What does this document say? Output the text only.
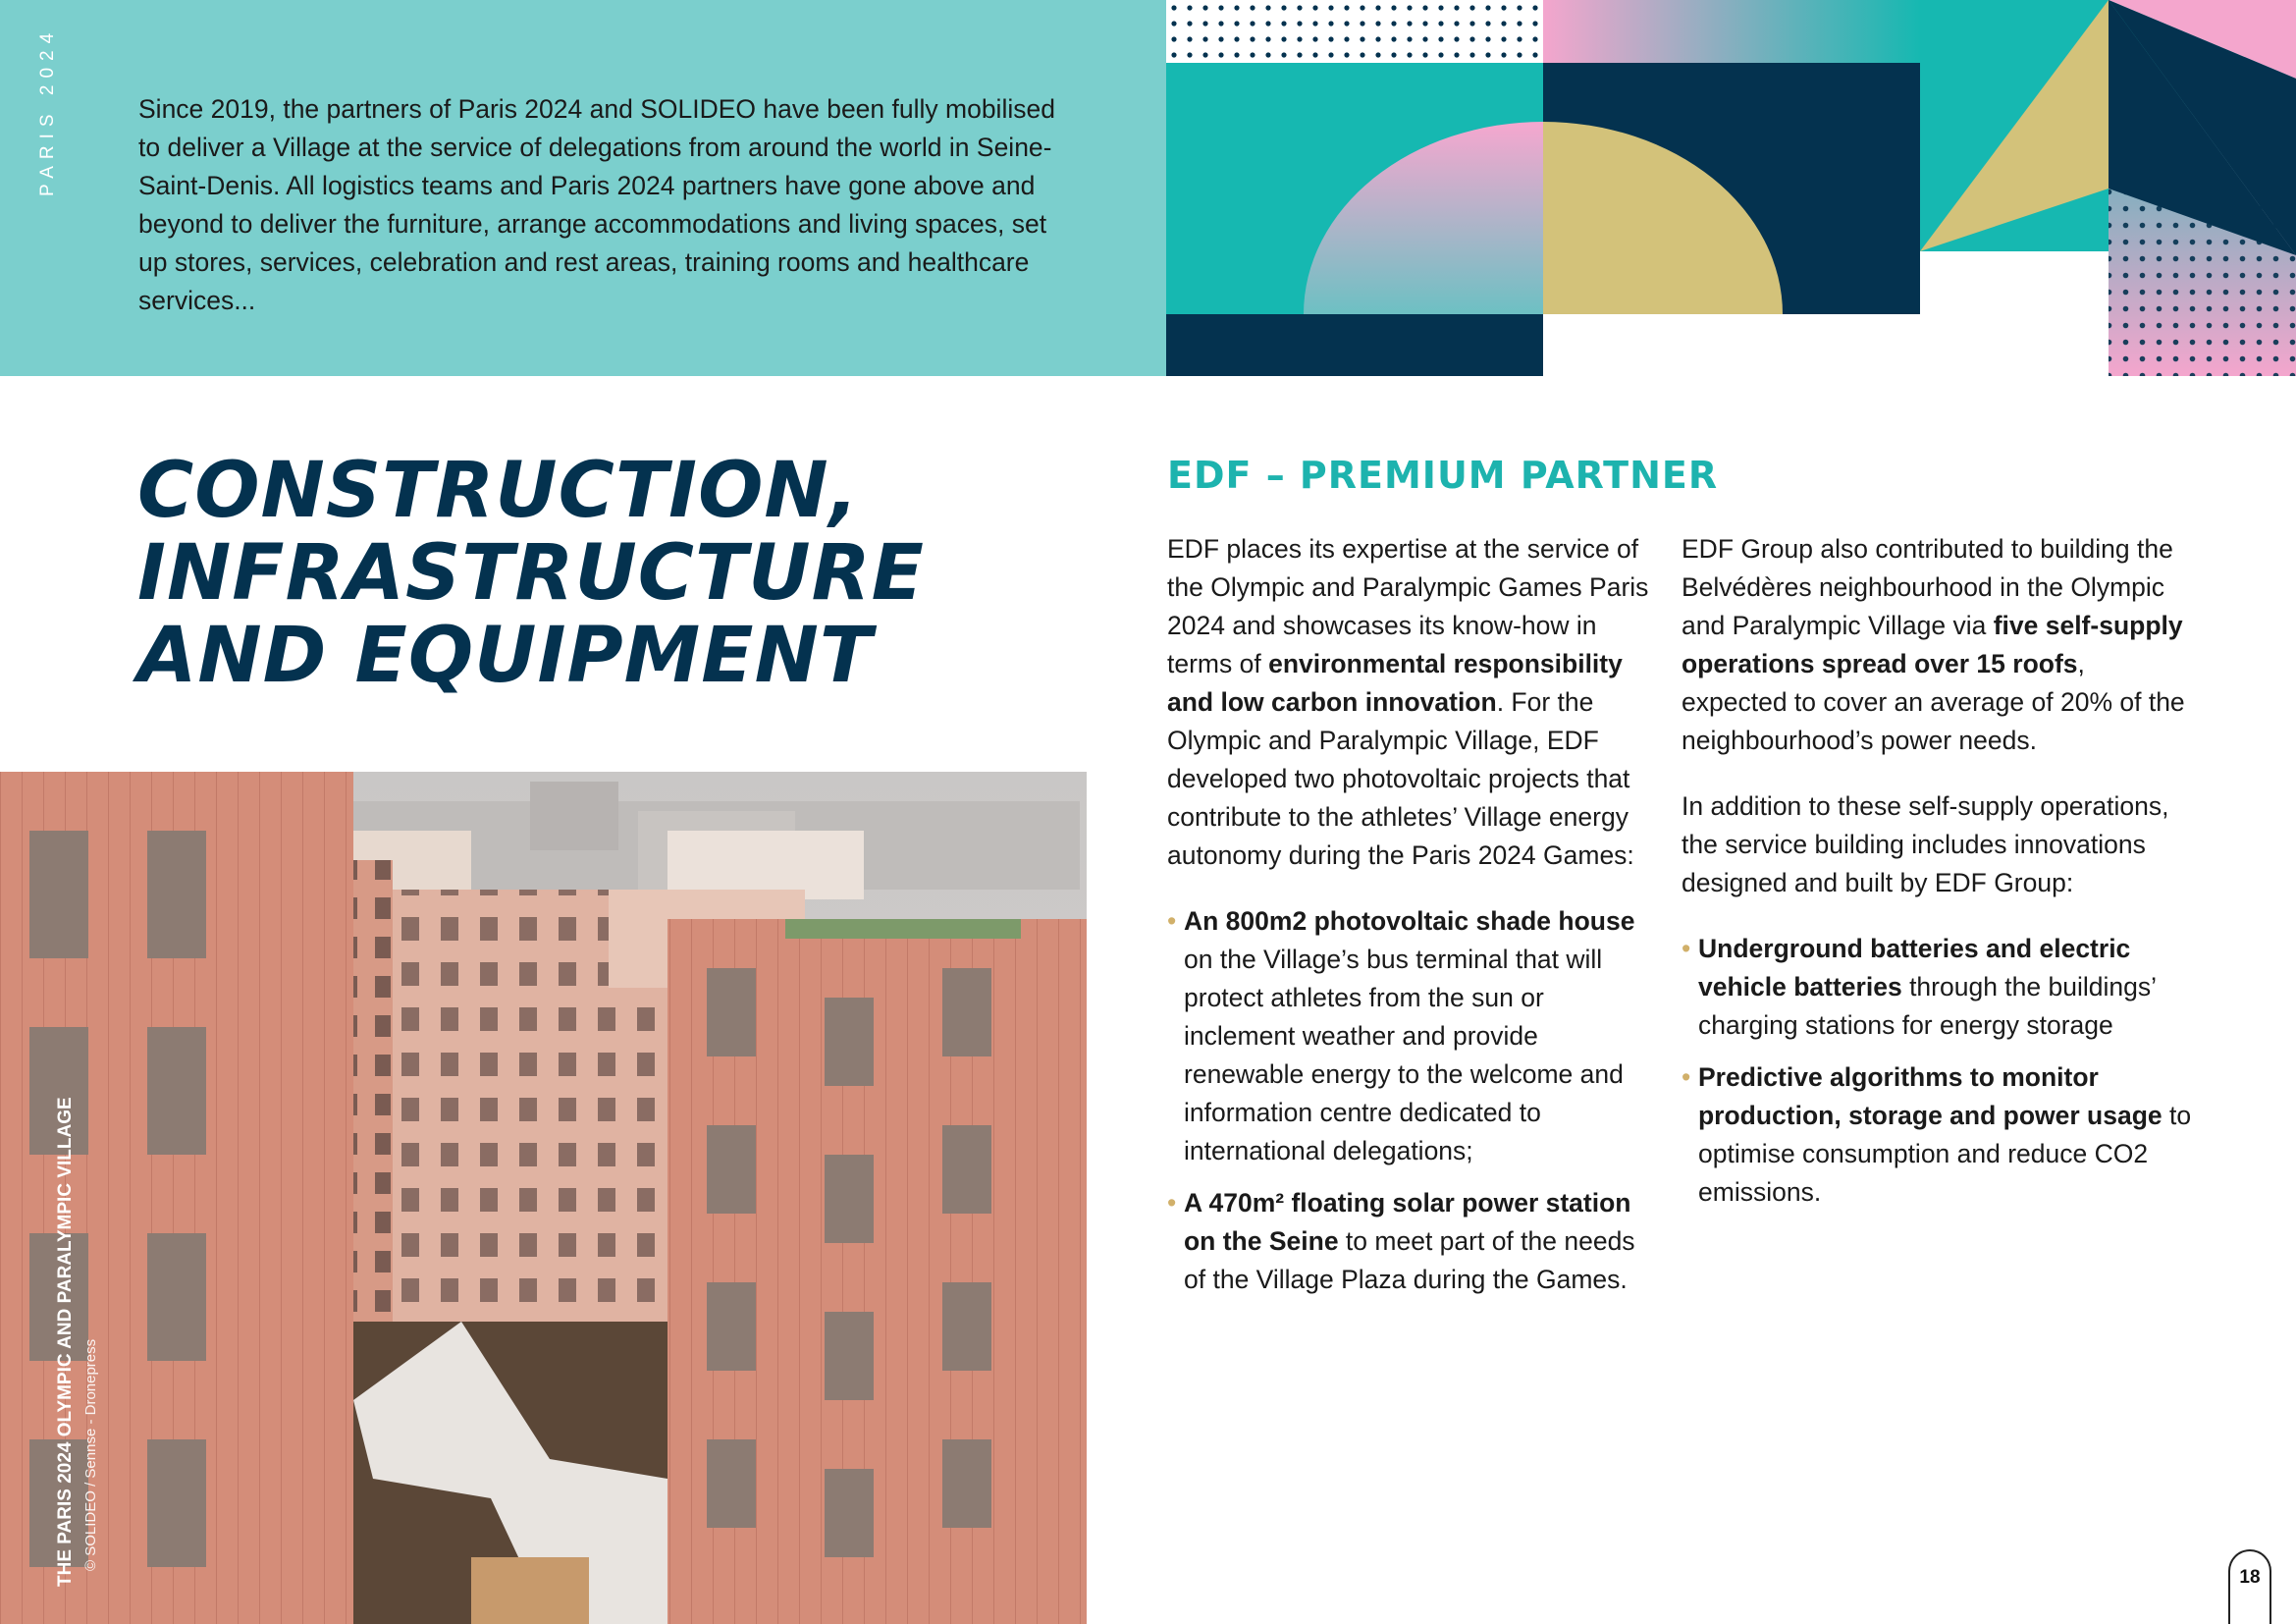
PARIS 2024	Since 2019, the partners of Paris 2024 and SOLIDEO have been fully mobilised to deliver a Village at the service of delegations from around the world in Seine-Saint-Denis. All logistics teams and Paris 2024 partners have gone above and beyond to deliver the furniture, arrange accommodations and living spaces, set up stores, services, celebration and rest areas, training rooms and healthcare services...
CONSTRUCTION,
INFRASTRUCTURE
AND EQUIPMENT
THE PARIS 2024 OLYMPIC AND PARALYMPIC VILLAGE © SOLIDEO / Sennse - Dronepress
EDF – PREMIUM PARTNER

EDF places its expertise at the service of the Olympic and Paralympic Games Paris 2024 and showcases its know-how in terms of environmental responsibility and low carbon innovation. For the Olympic and Paralympic Village, EDF developed two photovoltaic projects that contribute to the athletes’ Village energy autonomy during the Paris 2024 Games:

• An 800m2 photovoltaic shade house on the Village’s bus terminal that will protect athletes from the sun or inclement weather and provide renewable energy to the welcome and information centre dedicated to international delegations;
• A 470m² floating solar power station on the Seine to meet part of the needs of the Village Plaza during the Games.

EDF Group also contributed to building the Belvédères neighbourhood in the Olympic and Paralympic Village via five self-supply operations spread over 15 roofs, expected to cover an average of 20% of the neighbourhood’s power needs.

In addition to these self-supply operations, the service building includes innovations designed and built by EDF Group:

• Underground batteries and electric vehicle batteries through the buildings’ charging stations for energy storage
• Predictive algorithms to monitor production, storage and power usage to optimise consumption and reduce CO2 emissions.
18
